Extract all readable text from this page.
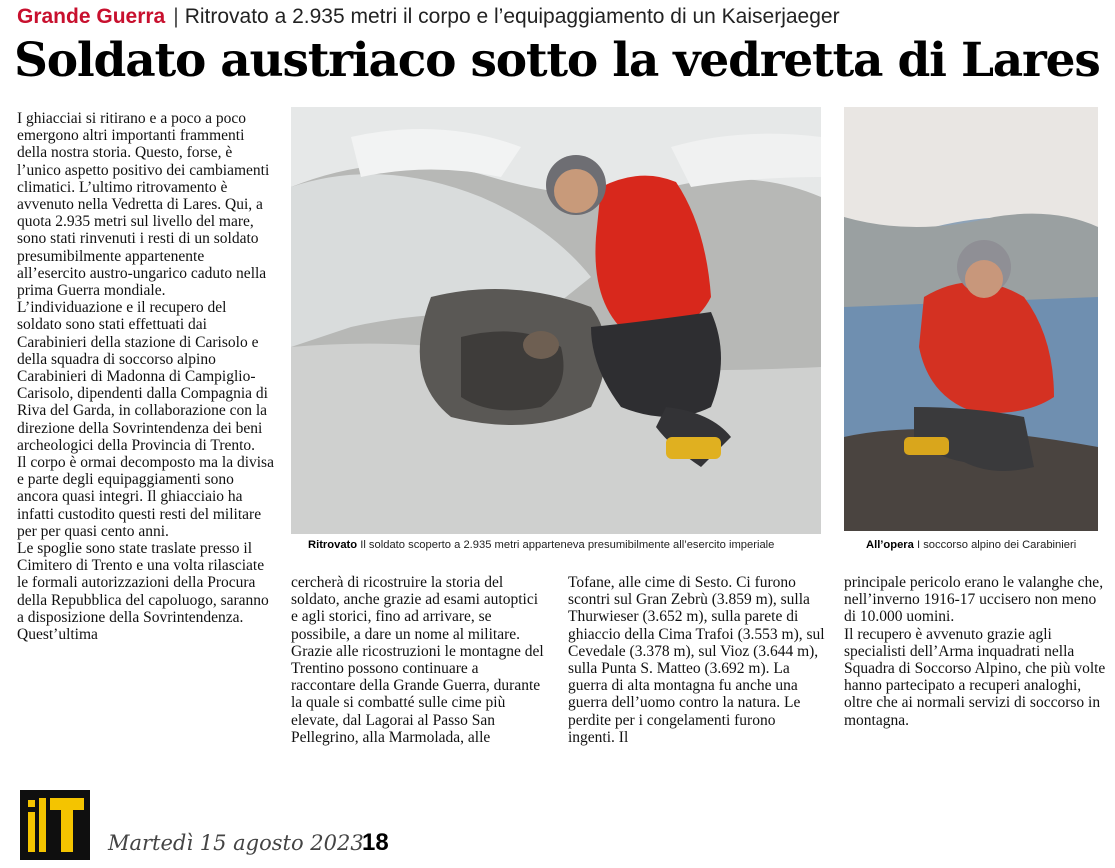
Grande Guerra | Ritrovato a 2.935 metri il corpo e l’equipaggiamento di un Kaiserjaeger
Soldato austriaco sotto la vedretta di Lares

I ghiacciai si ritirano e a poco a poco emergono altri importanti frammenti della nostra storia. Questo, forse, è l’unico aspetto positivo dei cambiamenti climatici. L’ultimo ritrovamento è avvenuto nella Vedretta di Lares. Qui, a quota 2.935 metri sul livello del mare, sono stati rinvenuti i resti di un soldato presumibilmente appartenente all’esercito austro-ungarico caduto nella prima Guerra mondiale.

L’individuazione e il recupero del soldato sono stati effettuati dai Carabinieri della stazione di Carisolo e della squadra di soccorso alpino Carabinieri di Madonna di Campiglio-Carisolo, dipendenti dalla Compagnia di Riva del Garda, in collaborazione con la direzione della Sovrintendenza dei beni archeologici della Provincia di Trento.

Il corpo è ormai decomposto ma la divisa e parte degli equipaggiamenti sono ancora quasi integri. Il ghiacciaio ha infatti custodito questi resti del militare per per quasi cento anni.

Le spoglie sono state traslate presso il Cimitero di Trento e una volta rilasciate le formali autorizzazioni della Procura della Repubblica del capoluogo, saranno a disposizione della Sovrintendenza. Quest’ultima

Ritrovato Il soldato scoperto a 2.935 metri apparteneva presumibilmente all’esercito imperiale	All’opera I soccorso alpino dei Carabinieri

cercherà di ricostruire la storia del soldato, anche grazie ad esami autoptici e agli storici, fino ad arrivare, se possibile, a dare un nome al militare.

Grazie alle ricostruzioni le montagne del Trentino possono continuare a raccontare della Grande Guerra, durante la quale si combatté sulle cime più elevate, dal Lagorai al Passo San Pellegrino, alla Marmolada, alle

Tofane, alle cime di Sesto. Ci furono scontri sul Gran Zebrù (3.859 m), sulla Thurwieser (3.652 m), sulla parete di ghiaccio della Cima Trafoi (3.553 m), sul Cevedale (3.378 m), sul Vioz (3.644 m), sulla Punta S. Matteo (3.692 m). La guerra di alta montagna fu anche una guerra dell’uomo contro la natura. Le perdite per i congelamenti furono ingenti. Il

principale pericolo erano le valanghe che, nell’inverno 1916-17 uccisero non meno di 10.000 uomini.

Il recupero è avvenuto grazie agli specialisti dell’Arma inquadrati nella Squadra di Soccorso Alpino, che più volte hanno partecipato a recuperi analoghi, oltre che ai normali servizi di soccorso in montagna.

Martedì 15 agosto 2023
18
